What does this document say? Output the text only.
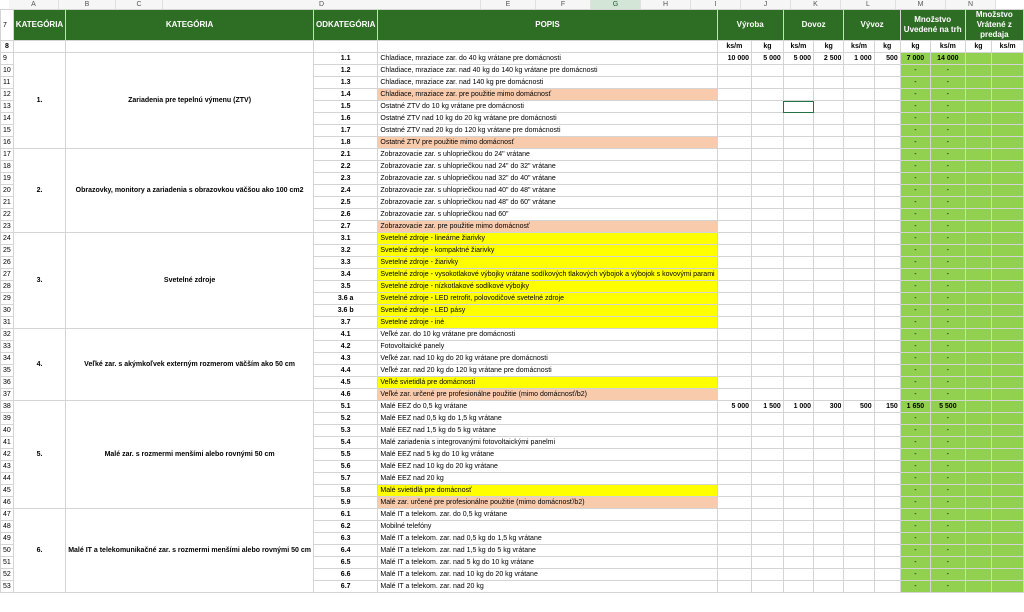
A	B	C	D	E	F	G	H	I	J	K	L	M	N
7	KATEGÓRIA	KATEGÓRIA	ODKATEGÓRIA	POPIS	Výroba		Dovoz		Vývoz		Množstvo Uvedené na trh		Množstvo Vrátené z predaja	
8					ks/m	kg	ks/m	kg	ks/m	kg	kg	ks/m	kg	ks/m
9	1.	Zariadenia pre tepelnú výmenu (ZTV)	1.1	Chladiace, mraziace zar. do 40 kg vrátane pre domácnosti	10 000	5 000	5 000	2 500	1 000	500	7 000	14 000		
10			1.2	Chladiace, mraziace zar. nad 40 kg do 140 kg vrátane pre domácnosti							-	-		
11			1.3	Chladiace, mraziace zar. nad 140 kg pre domácnosti							-	-		
12			1.4	Chladiace, mraziace zar. pre použitie mimo domácnosť							-	-		
13			1.5	Ostatné ZTV do 10 kg vrátane pre domácnosti							-	-		
14			1.6	Ostatné ZTV nad 10 kg do 20 kg vrátane pre domácnosti							-	-		
15			1.7	Ostatné ZTV nad 20 kg do 120 kg vrátane pre domácnosti							-	-		
16			1.8	Ostatné ZTV pre použitie mimo domácnosť							-	-		
17	2.	Obrazovky, monitory a zariadenia s obrazovkou väčšou ako 100 cm2	2.1	Zobrazovacie zar. s uhlopriečkou do 24" vrátane							-	-		
18			2.2	Zobrazovacie zar. s uhlopriečkou nad 24" do 32" vrátane							-	-		
19			2.3	Zobrazovacie zar. s uhlopriečkou nad 32" do 40" vrátane							-	-		
20			2.4	Zobrazovacie zar. s uhlopriečkou nad 40" do 48" vrátane							-	-		
21			2.5	Zobrazovacie zar. s uhlopriečkou nad 48" do 60" vrátane							-	-		
22			2.6	Zobrazovacie zar. s uhlopriečkou nad 60"							-	-		
23			2.7	Zobrazovacie zar. pre použitie mimo domácnosť							-	-		
24	3.	Svetelné zdroje	3.1	Svetelné zdroje - lineárne žiarivky							-	-		
25			3.2	Svetelné zdroje - kompaktné žiarivky							-	-		
26			3.3	Svetelné zdroje - žiarivky							-	-		
27			3.4	Svetelné zdroje - vysokotlakové výbojky vrátane sodíkových tlakových výbojok a výbojok s kovovými parami							-	-		
28			3.5	Svetelné zdroje - nízkotlakové sodíkové výbojky							-	-		
29			3.6 a	Svetelné zdroje - LED retrofit, polovodičové svetelné zdroje							-	-		
30			3.6 b	Svetelné zdroje - LED pásy							-	-		
31			3.7	Svetelné zdroje - iné							-	-		
32	4.	Veľké zar. s akýmkoľvek externým rozmerom väčším ako 50 cm	4.1	Veľké zar. do 10 kg vrátane pre domácnosti							-	-		
33			4.2	Fotovoltaické panely							-	-		
34			4.3	Veľké zar. nad 10 kg do 20 kg vrátane pre domácnosti							-	-		
35			4.4	Veľké zar. nad 20 kg do 120 kg vrátane pre domácnosti							-	-		
36			4.5	Veľké svietidlá pre domácnosti							-	-		
37			4.6	Veľké zar. určené pre profesionálne použitie (mimo domácnosť/b2)							-	-		
38	5.	Malé zar. s rozmermi menšími alebo rovnými 50 cm	5.1	Malé EEZ do 0,5 kg vrátane	5 000	1 500	1 000	300	500	150	1 650	5 500		
39			5.2	Malé EEZ nad 0,5 kg do 1,5 kg vrátane							-	-		
40			5.3	Malé EEZ nad 1,5 kg do 5 kg vrátane							-	-		
41			5.4	Malé zariadenia s integrovanými fotovoltaickými panelmi							-	-		
42			5.5	Malé EEZ nad 5 kg do 10 kg vrátane							-	-		
43			5.6	Malé EEZ nad 10 kg do 20 kg vrátane							-	-		
44			5.7	Malé EEZ nad 20 kg							-	-		
45			5.8	Malé svietidlá pre domácnosť							-	-		
46			5.9	Malé zar. určené pre profesionálne použitie (mimo domácnosť/b2)							-	-		
47	6.	Malé IT a telekomunikačné zar. s rozmermi menšími alebo rovnými 50 cm	6.1	Malé IT a telekom. zar. do 0,5 kg vrátane							-	-		
48			6.2	Mobilné telefóny							-	-		
49			6.3	Malé IT a telekom. zar. nad 0,5 kg do 1,5 kg vrátane							-	-		
50			6.4	Malé IT a telekom. zar. nad 1,5 kg do 5 kg vrátane							-	-		
51			6.5	Malé IT a telekom. zar. nad 5 kg do 10 kg vrátane							-	-		
52			6.6	Malé IT a telekom. zar. nad 10 kg do 20 kg vrátane							-	-		
53			6.7	Malé IT a telekom. zar. nad 20 kg							-	-		
